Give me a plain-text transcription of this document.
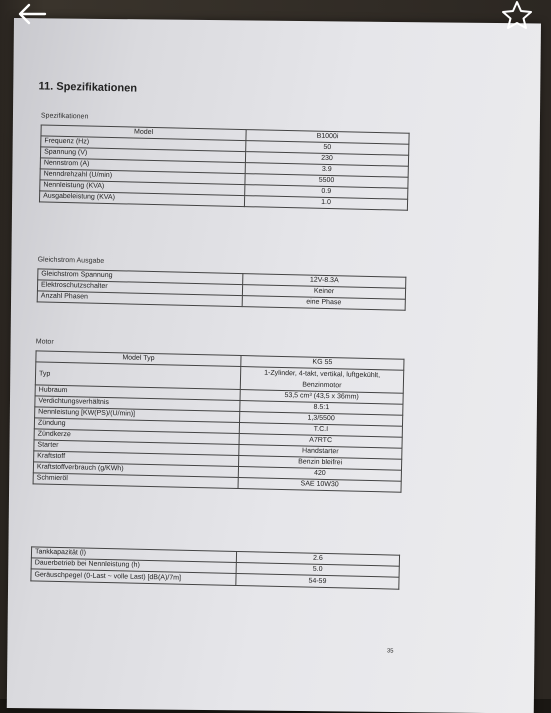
11. Spezifikationen
Spezifikationen
Model	B1000i
Frequenz (Hz)	50
Spannung (V)	230
Nennstrom (A)	3.9
Nenndrehzahl (U/min)	5500
Nennleistung (KVA)	0.9
Ausgabeleistung (KVA)	1.0
Gleichstrom Ausgabe
Gleichstrom Spannung	12V-8.3A
Elektroschutzschalter	Keiner
Anzahl Phasen	eine Phase
Motor
Model Typ	KG 55
Typ	1-Zylinder, 4-takt, vertikal, luftgekühlt, Benzinmotor
Hubraum	53,5 cm³ (43,5 x 36mm)
Verdichtungsverhältnis	8.5:1
Nennleistung [KW(PS)/(U/min)]	1,3/5500
Zündung	T.C.I
Zündkerze	A7RTC
Starter	Handstarter
Kraftstoff	Benzin bleifrei
Kraftstoffverbrauch (g/KWh)	420
Schmieröl	SAE 10W30
Tankkapazität (l)	2.6
Dauerbetrieb bei Nennleistung (h)	5.0
Geräuschpegel (0-Last ~ volle Last) [dB(A)/7m]	54-59
35
